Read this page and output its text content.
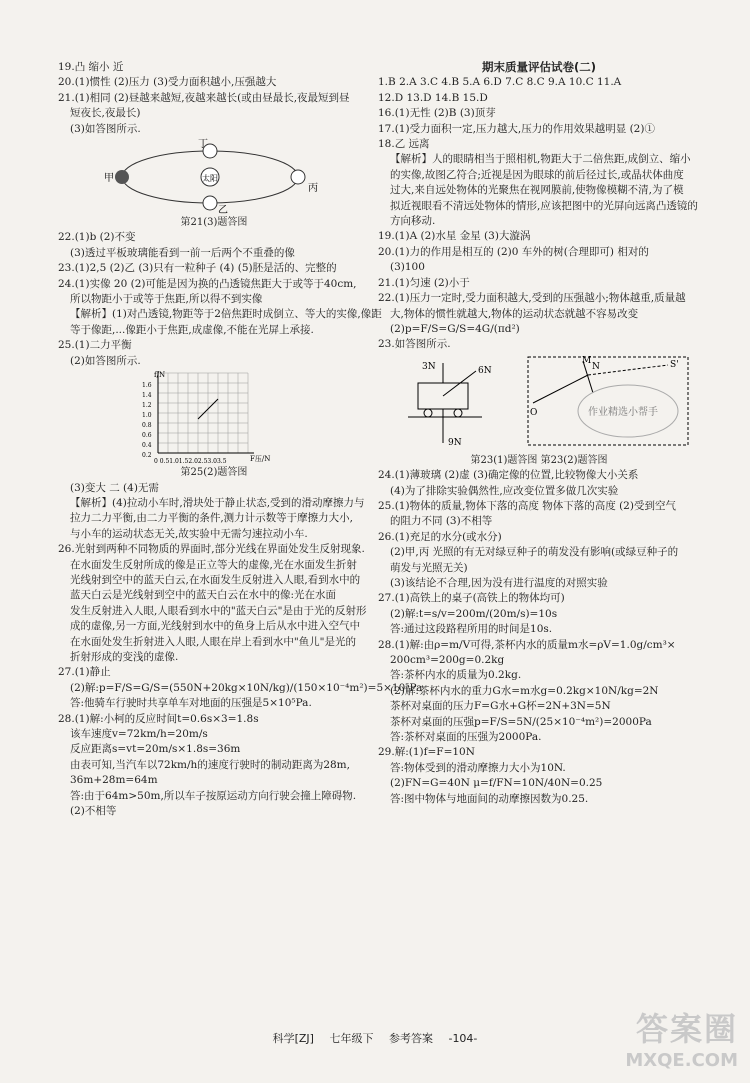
19.凸 缩小 近
20.(1)惯性 (2)压力 (3)受力面积越小,压强越大
21.(1)相同 (2)昼越来越短,夜越来越长(或由昼最长,夜最短到昼
短夜长,夜最长)
(3)如答图所示.
甲
乙
丙
丁
太阳
第21(3)题答图
22.(1)b (2)不变
(3)透过平板玻璃能看到一前一后两个不重叠的像
23.(1)2,5 (2)乙 (3)只有一粒种子 (4) (5)胚是活的、完整的
24.(1)实像 20 (2)可能是因为换的凸透镜焦距大于或等于40cm,
所以物距小于或等于焦距,所以得不到实像
【解析】(1)对凸透镜,物距等于2倍焦距时成倒立、等大的实像,像距
等于像距,...像距小于焦距,成虚像,不能在光屏上承接.
25.(1)二力平衡
(2)如答图所示.
f/N
F压/N
1.6
1.4
1.2
1.0
0.8
0.6
0.4
0.2
0 0.51.01.52.02.53.03.5
第25(2)题答图
(3)变大 二 (4)无需
【解析】(4)拉动小车时,滑块处于静止状态,受到的滑动摩擦力与
拉力二力平衡,由二力平衡的条件,测力计示数等于摩擦力大小,
与小车的运动状态无关,故实验中无需匀速拉动小车.
26.光射到两种不同物质的界面时,部分光线在界面处发生反射现象.
在水面发生反射所成的像是正立等大的虚像,光在水面发生折射
光线射到空中的蓝天白云,在水面发生反射进入人眼,看到水中的
蓝天白云是光线射到空中的蓝天白云在水中的像:光在水面
发生反射进入人眼,人眼看到水中的"蓝天白云"是由于光的反射形
成的虚像,另一方面,光线射到水中的鱼身上后从水中进入空气中
在水面处发生折射进入人眼,人眼在岸上看到水中"鱼儿"是光的
折射形成的变浅的虚像.
27.(1)静止
(2)解:p=F/S=G/S=(550N+20kg×10N/kg)/(150×10⁻⁴m²)=5×10⁵Pa
答:他骑车行驶时共享单车对地面的压强是5×10⁵Pa.
28.(1)解:小柯的反应时间t=0.6s×3=1.8s
该车速度v=72km/h=20m/s
反应距离s=vt=20m/s×1.8s=36m
由表可知,当汽车以72km/h的速度行驶时的制动距离为28m,
36m+28m=64m
答:由于64m>50m,所以车子按原运动方向行驶会撞上障碍物.
(2)不相等
期末质量评估试卷(二)
1.B 2.A 3.C 4.B 5.A 6.D 7.C 8.C 9.A 10.C 11.A
12.D 13.D 14.B 15.D
16.(1)无性 (2)B (3)顶芽
17.(1)受力面积一定,压力越大,压力的作用效果越明显 (2)①
18.乙 远离
【解析】人的眼睛相当于照相机,物距大于二倍焦距,成倒立、缩小
的实像,故图乙符合;近视是因为眼球的前后径过长,或晶状体曲度
过大,来自远处物体的光聚焦在视网膜前,使物像模糊不清,为了模
拟近视眼看不清远处物体的情形,应该把图中的光屏向远离凸透镜的
方向移动.
19.(1)A (2)水星 金星 (3)大漩涡
20.(1)力的作用是相互的 (2)0 车外的树(合理即可) 相对的
(3)100
21.(1)匀速 (2)小于
22.(1)压力一定时,受力面积越大,受到的压强越小;物体越重,质量越
大,物体的惯性就越大,物体的运动状态就越不容易改变
(2)p=F/S=G/S=4G/(πd²)
23.如答图所示.
3N	6N
9N
M
N	S'
O	作业精选小帮手
第23(1)题答图 第23(2)题答图
24.(1)薄玻璃 (2)虚 (3)确定像的位置,比较物像大小关系
(4)为了排除实验偶然性,应改变位置多做几次实验
25.(1)物体的质量,物体下落的高度 物体下落的高度 (2)受到空气
的阻力不同 (3)不相等
26.(1)充足的水分(或水分)
(2)甲,丙 光照的有无对绿豆种子的萌发没有影响(或绿豆种子的
萌发与光照无关)
(3)该结论不合理,因为没有进行温度的对照实验
27.(1)高铁上的桌子(高铁上的物体均可)
(2)解:t=s/v=200m/(20m/s)=10s
答:通过这段路程所用的时间是10s.
28.(1)解:由ρ=m/V可得,茶杯内水的质量m水=ρV=1.0g/cm³×
200cm³=200g=0.2kg
答:茶杯内水的质量为0.2kg.
(2)解:茶杯内水的重力G水=m水g=0.2kg×10N/kg=2N
茶杯对桌面的压力F=G水+G杯=2N+3N=5N
茶杯对桌面的压强p=F/S=5N/(25×10⁻⁴m²)=2000Pa
答:茶杯对桌面的压强为2000Pa.
29.解:(1)f=F=10N
答:物体受到的滑动摩擦力大小为10N.
(2)FN=G=40N μ=f/FN=10N/40N=0.25
答:图中物体与地面间的动摩擦因数为0.25.
科学[ZJ] 七年级下 参考答案 -104-	答案圈
MXQE.COM
